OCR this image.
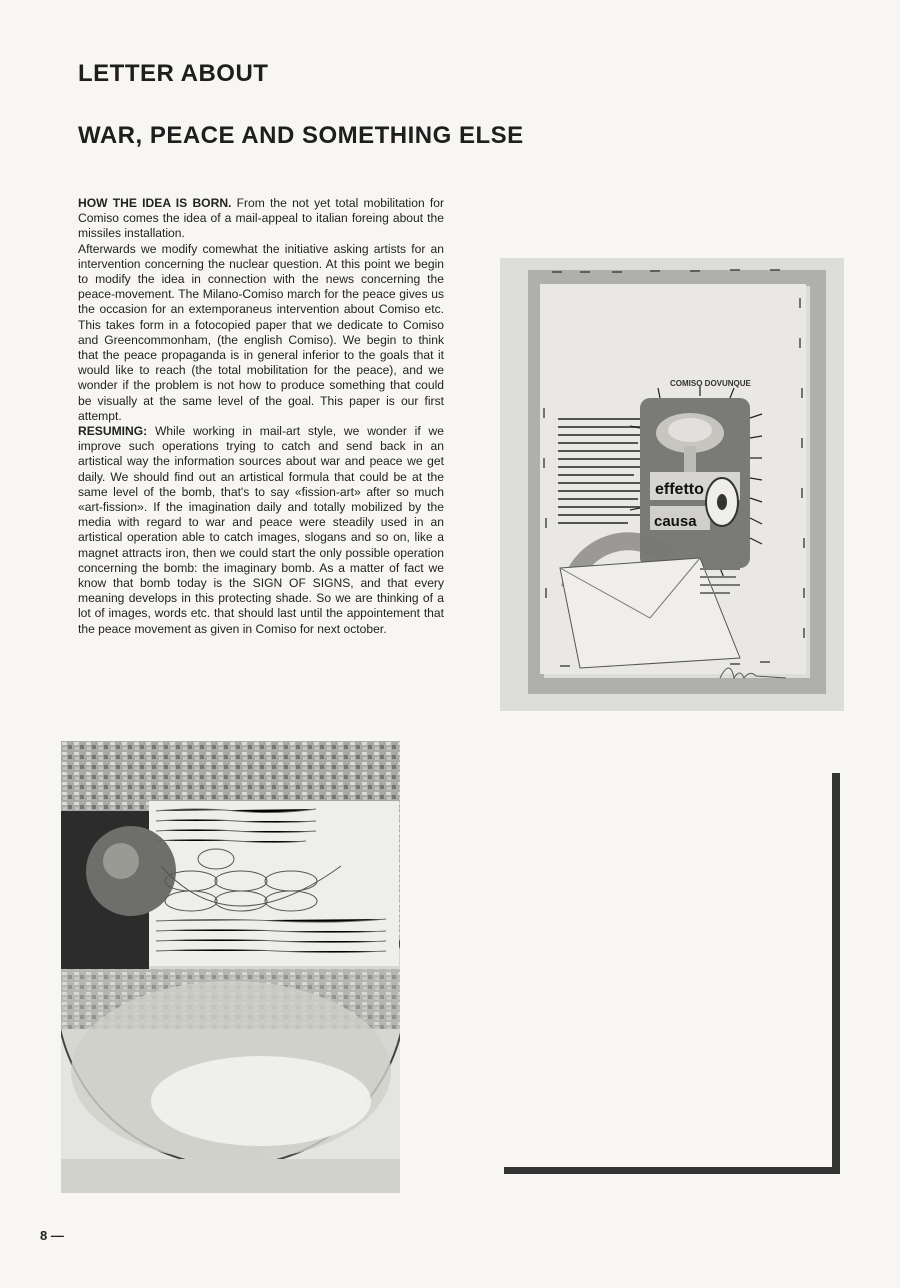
LETTER ABOUT
WAR, PEACE AND SOMETHING ELSE

HOW THE IDEA IS BORN. From the not yet total mobilitation for Comiso comes the idea of a mail-appeal to italian foreing about the missiles installation.

Afterwards we modify comewhat the initiative asking artists for an intervention concerning the nuclear question. At this point we begin to modify the idea in connection with the news concerning the peace-movement. The Milano-Comiso march for the peace gives us the occasion for an extemporaneus intervention about Comiso etc. This takes form in a fotocopied paper that we dedicate to Comiso and Greencommonham, (the english Comiso). We begin to think that the peace propaganda is in general inferior to the goals that it would like to reach (the total mobilitation for the peace), and we wonder if the problem is not how to produce something that could be visually at the same level of the goal. This paper is our first attempt.

RESUMING: While working in mail-art style, we wonder if we improve such operations trying to catch and send back in an artistical way the information sources about war and peace we get daily. We should find out an artistical formula that could be at the same level of the bomb, that's to say «fission-art» after so much «art-fission». If the imagination daily and totally mobilized by the media with regard to war and peace were steadily used in an artistical operation able to catch images, slogans and so on, like a magnet attracts iron, then we could start the only possible operation concerning the bomb: the imaginary bomb. As a matter of fact we know that bomb today is the SIGN OF SIGNS, and that every meaning develops in this protecting shade. So we are thinking of a lot of images, words etc. that should last until the appointement that the peace movement as given in Comiso for next october.

COMISO DOVUNQUE
effetto
causa
8 —
